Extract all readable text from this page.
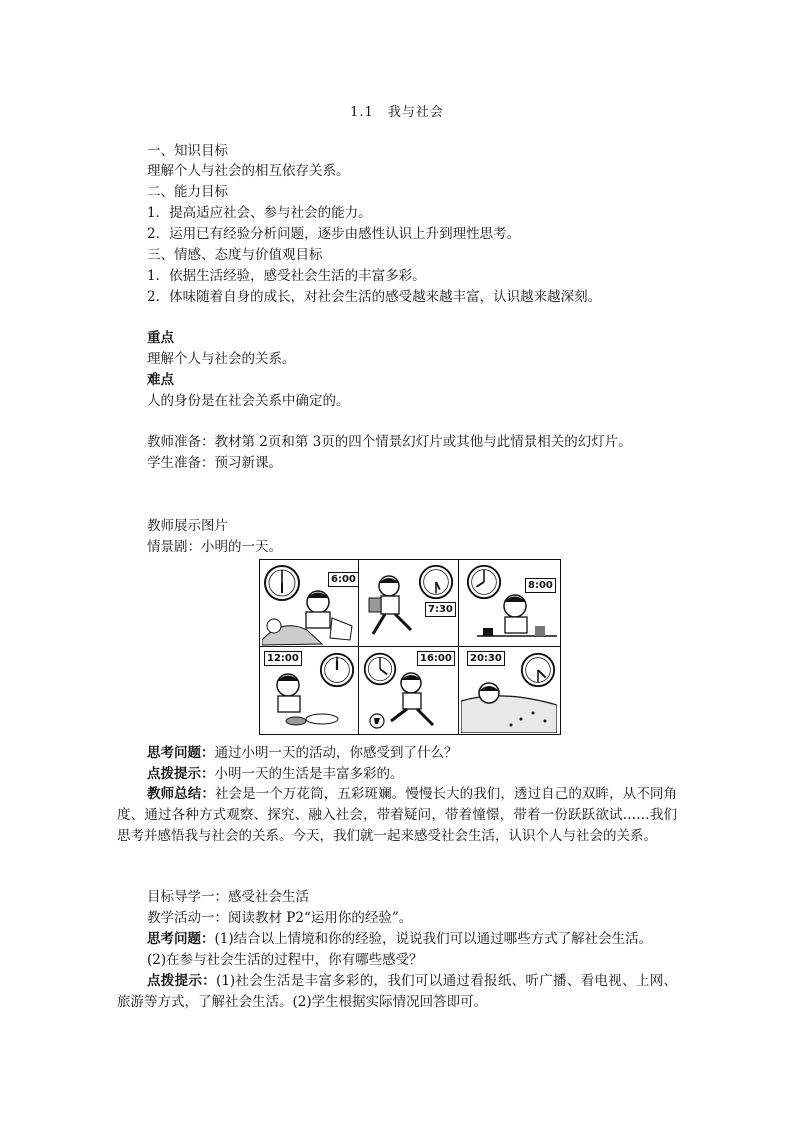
1.1　我与社会
一、知识目标
理解个人与社会的相互依存关系。
二、能力目标
1．提高适应社会、参与社会的能力。
2．运用已有经验分析问题，逐步由感性认识上升到理性思考。
三、情感、态度与价值观目标
1．依据生活经验，感受社会生活的丰富多彩。
2．体味随着自身的成长，对社会生活的感受越来越丰富，认识越来越深刻。
重点
理解个人与社会的关系。
难点
人的身份是在社会关系中确定的。
教师准备：教材第 2页和第 3页的四个情景幻灯片或其他与此情景相关的幻灯片。
学生准备：预习新课。
教师展示图片
情景剧：小明的一天。
6:00
7:30
8:00
12:00	16:00	20:30
思考问题：通过小明一天的活动，你感受到了什么？
点拨提示：小明一天的生活是丰富多彩的。
教师总结：社会是一个万花筒，五彩斑斓。慢慢长大的我们，透过自己的双眸，从不同角度、通过各种方式观察、探究、融入社会，带着疑问，带着憧憬，带着一份跃跃欲试……我们思考并感悟我与社会的关系。今天，我们就一起来感受社会生活，认识个人与社会的关系。
目标导学一：感受社会生活
教学活动一：阅读教材 P2“运用你的经验”。
思考问题：(1)结合以上情境和你的经验，说说我们可以通过哪些方式了解社会生活。
(2)在参与社会生活的过程中，你有哪些感受？
点拨提示：(1)社会生活是丰富多彩的，我们可以通过看报纸、听广播、看电视、上网、旅游等方式，了解社会生活。(2)学生根据实际情况回答即可。
